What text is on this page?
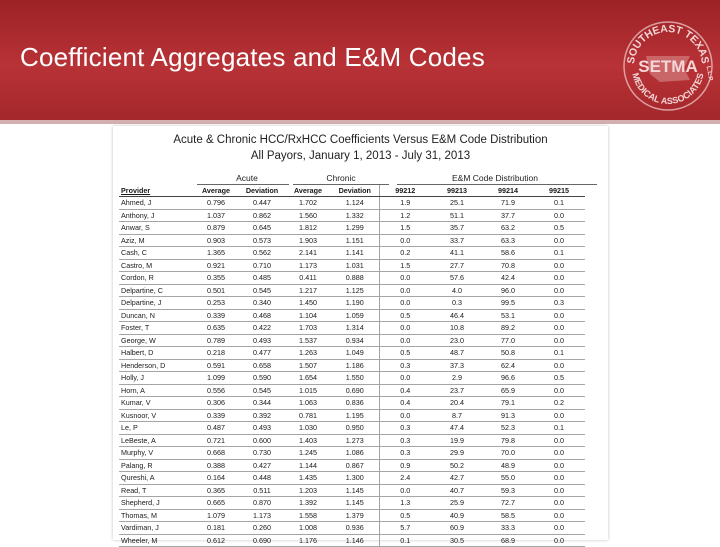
Coefficient Aggregates and E&M Codes	SOUTHEAST TEXAS
MEDICAL ASSOCIATES
SETMA L.L.P.
Acute & Chronic HCC/RxHCC Coefficients Versus E&M Code Distribution
All Payors, January 1, 2013 - July 31, 2013
Acute	Chronic	E&M Code Distribution
Provider	Average	Deviation	Average	Deviation	99212	99213	99214	99215
Ahmed, J	0.796	0.447	1.702	1.124	1.9	25.1	71.9	0.1
Anthony, J	1.037	0.862	1.560	1.332	1.2	51.1	37.7	0.0
Anwar, S	0.879	0.645	1.812	1.299	1.5	35.7	63.2	0.5
Aziz, M	0.903	0.573	1.903	1.151	0.0	33.7	63.3	0.0
Cash, C	1.365	0.562	2.141	1.141	0.2	41.1	58.6	0.1
Castro, M	0.921	0.710	1.173	1.031	1.5	27.7	70.8	0.0
Cordon, R	0.355	0.485	0.411	0.888	0.0	57.6	42.4	0.0
Delpartine, C	0.501	0.545	1.217	1.125	0.0	4.0	96.0	0.0
Delpartine, J	0.253	0.340	1.450	1.190	0.0	0.3	99.5	0.3
Duncan, N	0.339	0.468	1.104	1.059	0.5	46.4	53.1	0.0
Foster, T	0.635	0.422	1.703	1.314	0.0	10.8	89.2	0.0
George, W	0.789	0.493	1.537	0.934	0.0	23.0	77.0	0.0
Halbert, D	0.218	0.477	1.263	1.049	0.5	48.7	50.8	0.1
Henderson, D	0.591	0.658	1.507	1.186	0.3	37.3	62.4	0.0
Holly, J	1.099	0.590	1.654	1.550	0.0	2.9	96.6	0.5
Horn, A	0.556	0.545	1.015	0.690	0.4	23.7	65.9	0.0
Kumar, V	0.306	0.344	1.063	0.836	0.4	20.4	79.1	0.2
Kusnoor, V	0.339	0.392	0.781	1.195	0.0	8.7	91.3	0.0
Le, P	0.487	0.493	1.030	0.950	0.3	47.4	52.3	0.1
LeBeste, A	0.721	0.600	1.403	1.273	0.3	19.9	79.8	0.0
Murphy, V	0.668	0.730	1.245	1.086	0.3	29.9	70.0	0.0
Palang, R	0.388	0.427	1.144	0.867	0.9	50.2	48.9	0.0
Qureshi, A	0.164	0.448	1.435	1.300	2.4	42.7	55.0	0.0
Read, T	0.365	0.511	1.203	1.145	0.0	40.7	59.3	0.0
Shepherd, J	0.665	0.870	1.392	1.145	1.3	25.9	72.7	0.0
Thomas, M	1.079	1.173	1.558	1.379	0.5	40.9	58.5	0.0
Vardiman, J	0.181	0.260	1.008	0.936	5.7	60.9	33.3	0.0
Wheeler, M	0.612	0.690	1.176	1.146	0.1	30.5	68.9	0.0
